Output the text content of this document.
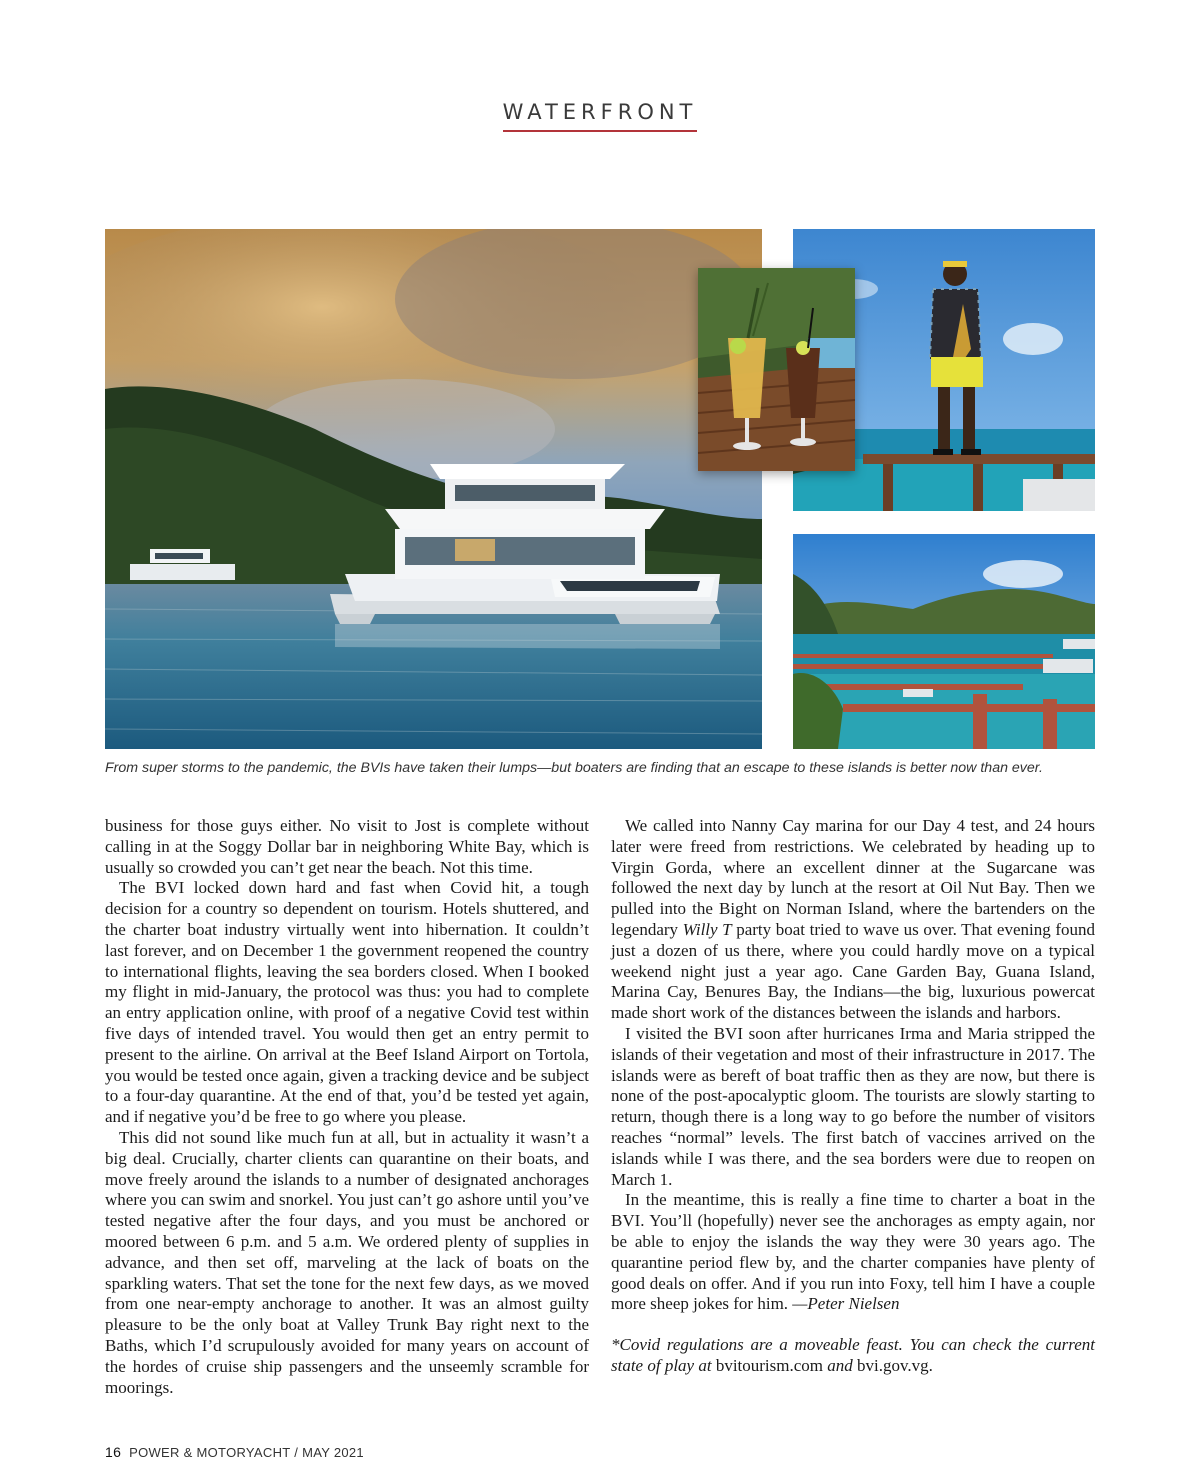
WATERFRONT
From super storms to the pandemic, the BVIs have taken their lumps—but boaters are finding that an escape to these islands is better now than ever.

business for those guys either. No visit to Jost is complete without calling in at the Soggy Dollar bar in neighboring White Bay, which is usually so crowded you can’t get near the beach. Not this time.

The BVI locked down hard and fast when Covid hit, a tough decision for a country so dependent on tourism. Hotels shuttered, and the charter boat industry virtually went into hibernation. It couldn’t last forever, and on December 1 the government reopened the country to international flights, leaving the sea borders closed. When I booked my flight in mid-January, the protocol was thus: you had to complete an entry application online, with proof of a negative Covid test within five days of intended travel. You would then get an entry permit to present to the airline. On arrival at the Beef Island Airport on Tortola, you would be tested once again, given a tracking device and be subject to a four-day quarantine. At the end of that, you’d be tested yet again, and if negative you’d be free to go where you please.

This did not sound like much fun at all, but in actuality it wasn’t a big deal. Crucially, charter clients can quarantine on their boats, and move freely around the islands to a number of designated anchorages where you can swim and snorkel. You just can’t go ashore until you’ve tested negative after the four days, and you must be anchored or moored between 6 p.m. and 5 a.m. We ordered plenty of supplies in advance, and then set off, marveling at the lack of boats on the sparkling waters. That set the tone for the next few days, as we moved from one near-empty anchorage to another. It was an almost guilty pleasure to be the only boat at Valley Trunk Bay right next to the Baths, which I’d scrupulously avoided for many years on account of the hordes of cruise ship passengers and the unseemly scramble for moorings.

We called into Nanny Cay marina for our Day 4 test, and 24 hours later were freed from restrictions. We celebrated by heading up to Virgin Gorda, where an excellent dinner at the Sugarcane was followed the next day by lunch at the resort at Oil Nut Bay. Then we pulled into the Bight on Norman Island, where the bartenders on the legendary Willy T party boat tried to wave us over. That evening found just a dozen of us there, where you could hardly move on a typical weekend night just a year ago. Cane Garden Bay, Guana Island, Marina Cay, Benures Bay, the Indians—the big, luxurious powercat made short work of the distances between the islands and harbors.

I visited the BVI soon after hurricanes Irma and Maria stripped the islands of their vegetation and most of their infrastructure in 2017. The islands were as bereft of boat traffic then as they are now, but there is none of the post-apocalyptic gloom. The tourists are slowly starting to return, though there is a long way to go before the number of visitors reaches “normal” levels. The first batch of vaccines arrived on the islands while I was there, and the sea borders were due to reopen on March 1.

In the meantime, this is really a fine time to charter a boat in the BVI. You’ll (hopefully) never see the anchorages as empty again, nor be able to enjoy the islands the way they were 30 years ago. The quarantine period flew by, and the charter companies have plenty of good deals on offer. And if you run into Foxy, tell him I have a couple more sheep jokes for him. —Peter Nielsen

*Covid regulations are a moveable feast. You can check the current state of play at bvitourism.com and bvi.gov.vg.

16 POWER & MOTORYACHT / MAY 2021
